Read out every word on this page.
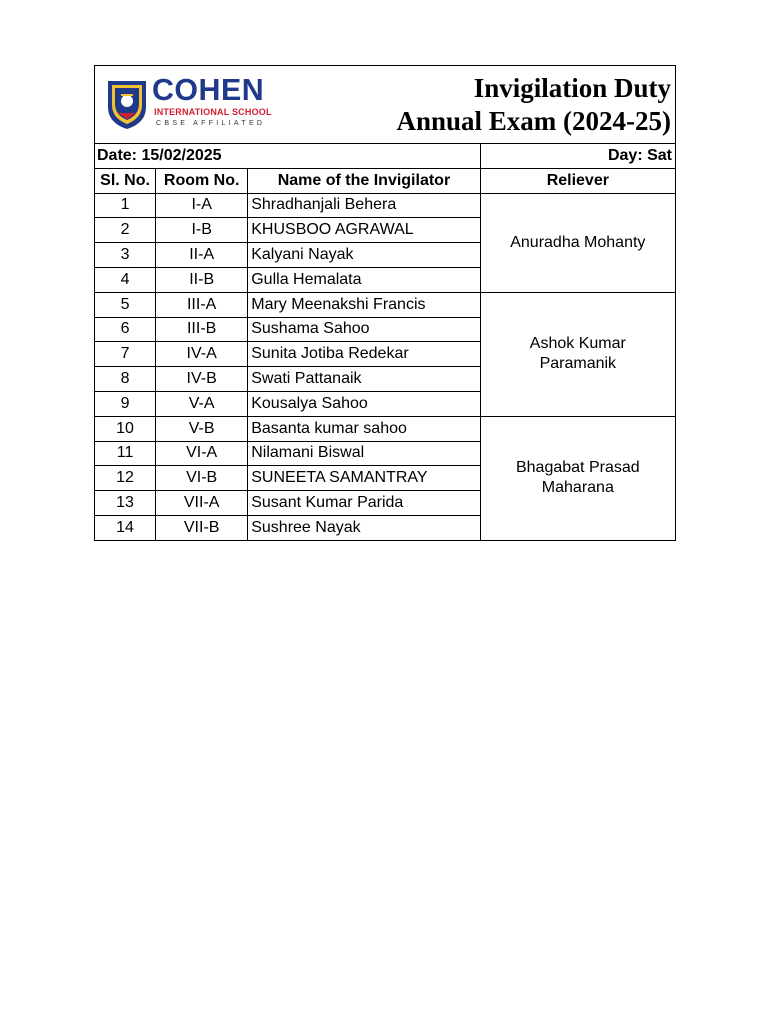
COHEN
INTERNATIONAL SCHOOL
CBSE AFFILIATED
Invigilation Duty
Annual Exam (2024-25)
Date: 15/02/2025			Day: Sat
Sl. No.	Room No.	Name of the Invigilator	Reliever
1	I-A	Shradhanjali Behera	Anuradha Mohanty

2	I-B	KHUSBOO AGRAWAL	
3	II-A	Kalyani Nayak	
4	II-B	Gulla Hemalata	
5	III-A	Mary Meenakshi Francis	Ashok Kumar
Paramanik

6	III-B	Sushama Sahoo	
7	IV-A	Sunita Jotiba Redekar	
8	IV-B	Swati Pattanaik	
9	V-A	Kousalya Sahoo	
10	V-B	Basanta kumar sahoo	Bhagabat Prasad
Maharana

11	VI-A	Nilamani Biswal	
12	VI-B	SUNEETA SAMANTRAY	
13	VII-A	Susant Kumar Parida	
14	VII-B	Sushree Nayak	
